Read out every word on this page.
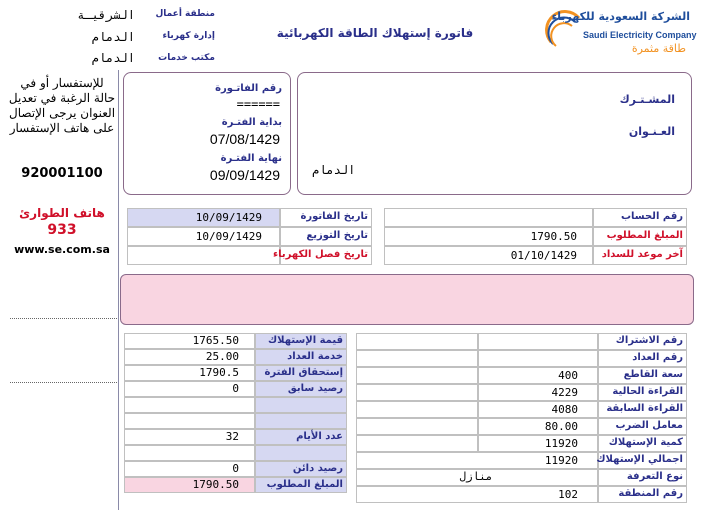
الشركة السعودية للكهرباء
Saudi Electricity Company
طاقة مثمرة
فاتورة إستهلاك الطاقة الكهربائية
منطقة أعمال
الشرقيـة
إدارة كهرباء
الدمام
مكتب خدمات
الدمام
للإستفسار أو في حالة الرغبة في تعديل العنوان يرجى الإتصال على هاتف الإستفسار
920001100
هاتف الطوارئ
933
www.se.com.sa
رقم الفاتـورة
======
بداية الفتـرة
07/08/1429
نهاية الفتـرة
09/09/1429
المشـتـرك
العـنـوان
الدمام
تاريخ الفاتورة
10/09/1429
تاريخ التوزيع
10/09/1429
تاريخ فصل الكهرباء
رقم الحساب
المبلغ المطلوب
1790.50
آخر موعد للسداد
01/10/1429
قيمة الإستهلاك
1765.50
خدمة العداد
25.00
إستحقاق الفترة
1790.5
رصيد سابق
0
عدد الأيام
32
رصيد دائن
0
المبلغ المطلوب
1790.50
رقم الاشتراك
رقم العداد
سعة القاطع
400
القراءة الحالية
4229
القراءة السابقة
4080
معامل الضرب
80.00
كمية الإستهلاك
11920
اجمالي الإستهلاك
11920
نوع التعرفة
منازل
رقم المنطقة
102
